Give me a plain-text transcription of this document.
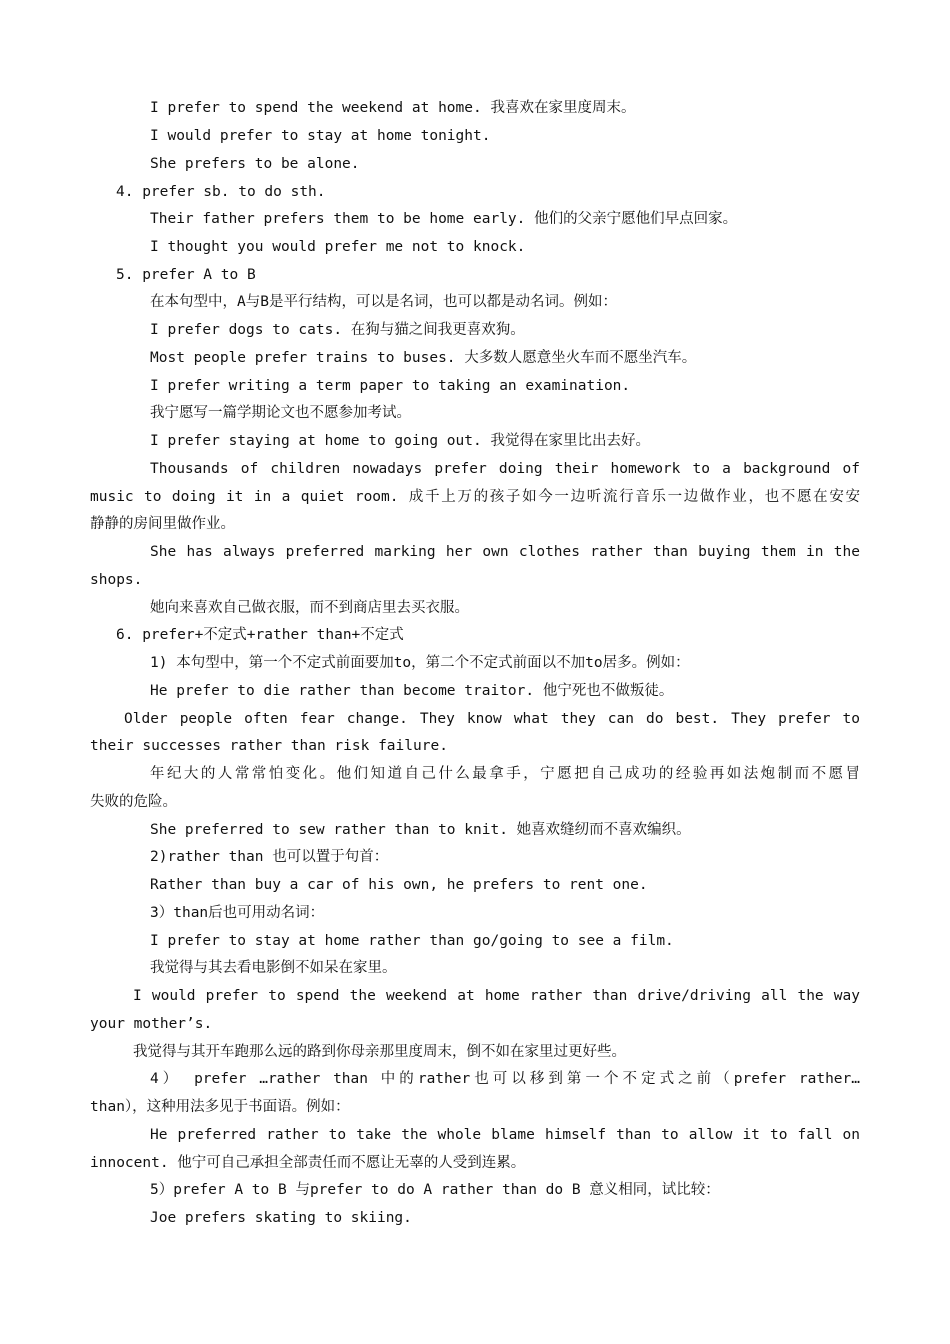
I prefer to spend the weekend at home. 我喜欢在家里度周末。
I would prefer to stay at home tonight.
She prefers to be alone.
4. prefer sb. to do sth.
Their father prefers them to be home early. 他们的父亲宁愿他们早点回家。
I thought you would prefer me not to knock.
5. prefer A to B
在本句型中，A与B是平行结构，可以是名词，也可以都是动名词。例如：
I prefer dogs to cats. 在狗与猫之间我更喜欢狗。
Most people prefer trains to buses. 大多数人愿意坐火车而不愿坐汽车。
I prefer writing a term paper to taking an examination.
我宁愿写一篇学期论文也不愿参加考试。
I prefer staying at home to going out. 我觉得在家里比出去好。
Thousands of children nowadays prefer doing their homework to a background of
music to doing it in a quiet room. 成千上万的孩子如今一边听流行音乐一边做作业，也不愿在安安
静静的房间里做作业。
She has always preferred marking her own clothes rather than buying them in the
shops.
她向来喜欢自己做衣服，而不到商店里去买衣服。
6. prefer+不定式+rather than+不定式
1) 本句型中，第一个不定式前面要加to，第二个不定式前面以不加to居多。例如：
He prefer to die rather than become traitor. 他宁死也不做叛徒。
Older people often fear change. They know what they can do best. They prefer to
their successes rather than risk failure.
年纪大的人常常怕变化。他们知道自己什么最拿手，宁愿把自己成功的经验再如法炮制而不愿冒
失败的危险。
She preferred to sew rather than to knit. 她喜欢缝纫而不喜欢编织。
2)rather than 也可以置于句首：
Rather than buy a car of his own, he prefers to rent one.
3）than后也可用动名词：
I prefer to stay at home rather than go/going to see a film.
我觉得与其去看电影倒不如呆在家里。
I would prefer to spend the weekend at home rather than drive/driving all the way
your mother’s.
我觉得与其开车跑那么远的路到你母亲那里度周末，倒不如在家里过更好些。
4） prefer …rather than 中的rather也可以移到第一个不定式之前（prefer rather…
than），这种用法多见于书面语。例如：
He preferred rather to take the whole blame himself than to allow it to fall on
innocent. 他宁可自己承担全部责任而不愿让无辜的人受到连累。
5）prefer A to B 与prefer to do A rather than do B 意义相同，试比较：
Joe prefers skating to skiing.
